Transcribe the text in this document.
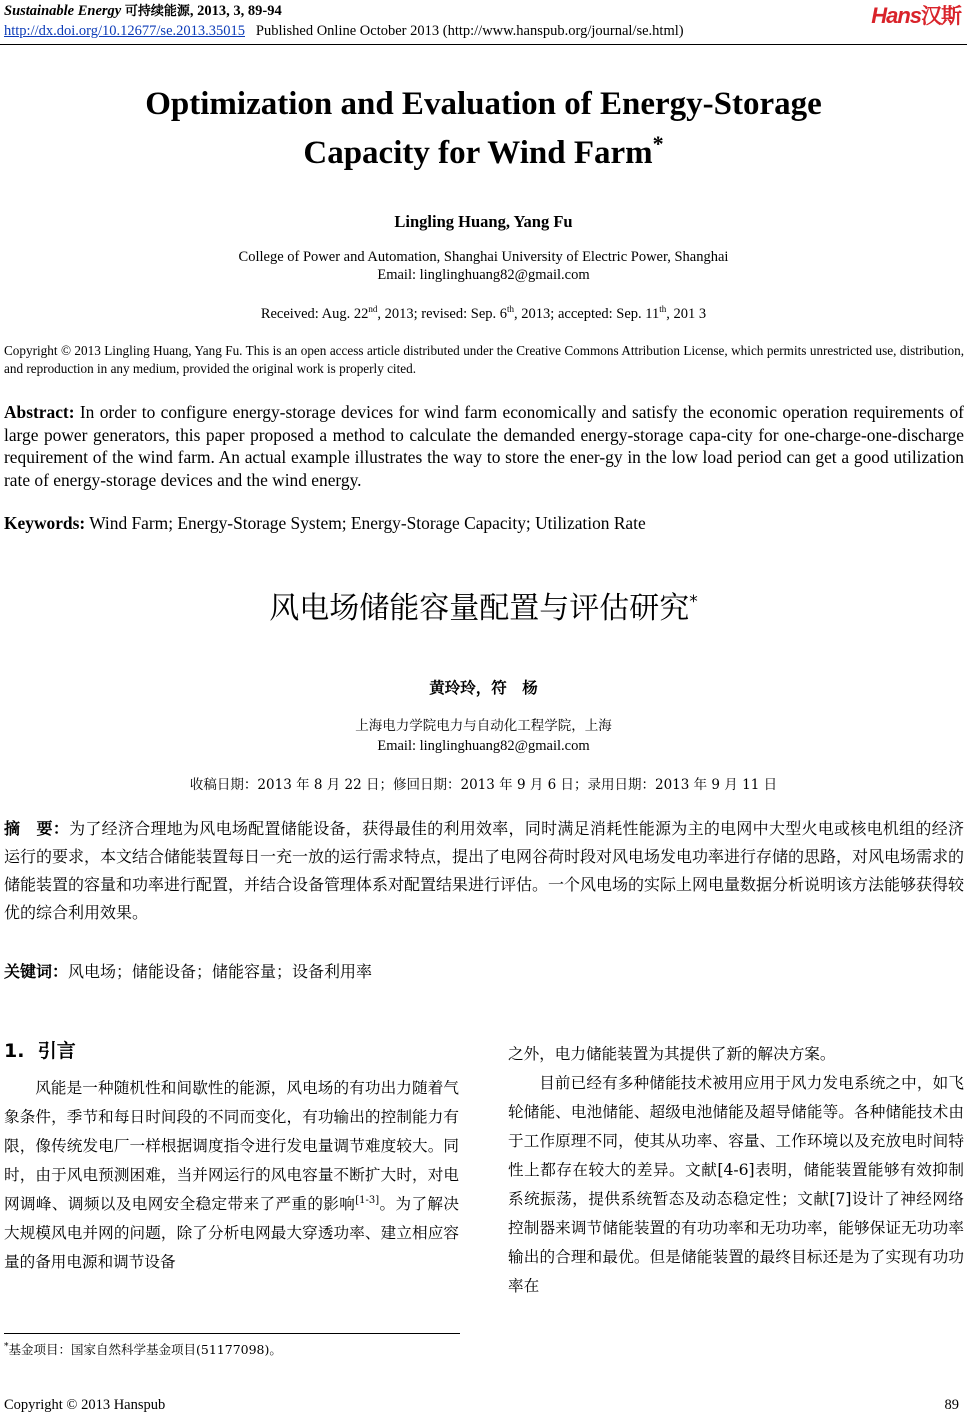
Sustainable Energy 可持续能源, 2013, 3, 89-94
http://dx.doi.org/10.12677/se.2013.35015 Published Online October 2013 (http://www.hanspub.org/journal/se.html)
Hans汉斯
Optimization and Evaluation of Energy-Storage
Capacity for Wind Farm*
Lingling Huang, Yang Fu
College of Power and Automation, Shanghai University of Electric Power, Shanghai
Email: linglinghuang82@gmail.com
Received: Aug. 22nd, 2013; revised: Sep. 6th, 2013; accepted: Sep. 11th, 201 3
Copyright © 2013 Lingling Huang, Yang Fu. This is an open access article distributed under the Creative Commons Attribution License, which permits unrestricted use, distribution, and reproduction in any medium, provided the original work is properly cited.
Abstract: In order to configure energy-storage devices for wind farm economically and satisfy the economic operation requirements of large power generators, this paper proposed a method to calculate the demanded energy-storage capa-city for one-charge-one-discharge requirement of the wind farm. An actual example illustrates the way to store the ener-gy in the low load period can get a good utilization rate of energy-storage devices and the wind energy.
Keywords: Wind Farm; Energy-Storage System; Energy-Storage Capacity; Utilization Rate
风电场储能容量配置与评估研究*
黄玲玲，符　杨
上海电力学院电力与自动化工程学院，上海
Email: linglinghuang82@gmail.com
收稿日期：2013 年 8 月 22 日；修回日期：2013 年 9 月 6 日；录用日期：2013 年 9 月 11 日
摘　要：为了经济合理地为风电场配置储能设备，获得最佳的利用效率，同时满足消耗性能源为主的电网中大型火电或核电机组的经济运行的要求，本文结合储能装置每日一充一放的运行需求特点，提出了电网谷荷时段对风电场发电功率进行存储的思路，对风电场需求的储能装置的容量和功率进行配置，并结合设备管理体系对配置结果进行评估。一个风电场的实际上网电量数据分析说明该方法能够获得较优的综合利用效果。
关键词：风电场；储能设备；储能容量；设备利用率
1. 引言

风能是一种随机性和间歇性的能源，风电场的有功出力随着气象条件，季节和每日时间段的不同而变化，有功输出的控制能力有限，像传统发电厂一样根据调度指令进行发电量调节难度较大。同时，由于风电预测困难，当并网运行的风电容量不断扩大时，对电网调峰、调频以及电网安全稳定带来了严重的影响[1-3]。为了解决大规模风电并网的问题，除了分析电网最大穿透功率、建立相应容量的备用电源和调节设备

之外，电力储能装置为其提供了新的解决方案。

目前已经有多种储能技术被用应用于风力发电系统之中，如飞轮储能、电池储能、超级电池储能及超导储能等。各种储能技术由于工作原理不同，使其从功率、容量、工作环境以及充放电时间特性上都存在较大的差异。文献[4-6]表明，储能装置能够有效抑制系统振荡，提供系统暂态及动态稳定性；文献[7]设计了神经网络控制器来调节储能装置的有功功率和无功功率，能够保证无功功率输出的合理和最优。但是储能装置的最终目标还是为了实现有功功率在

*基金项目：国家自然科学基金项目(51177098)。
Copyright © 2013 Hanspub	89
